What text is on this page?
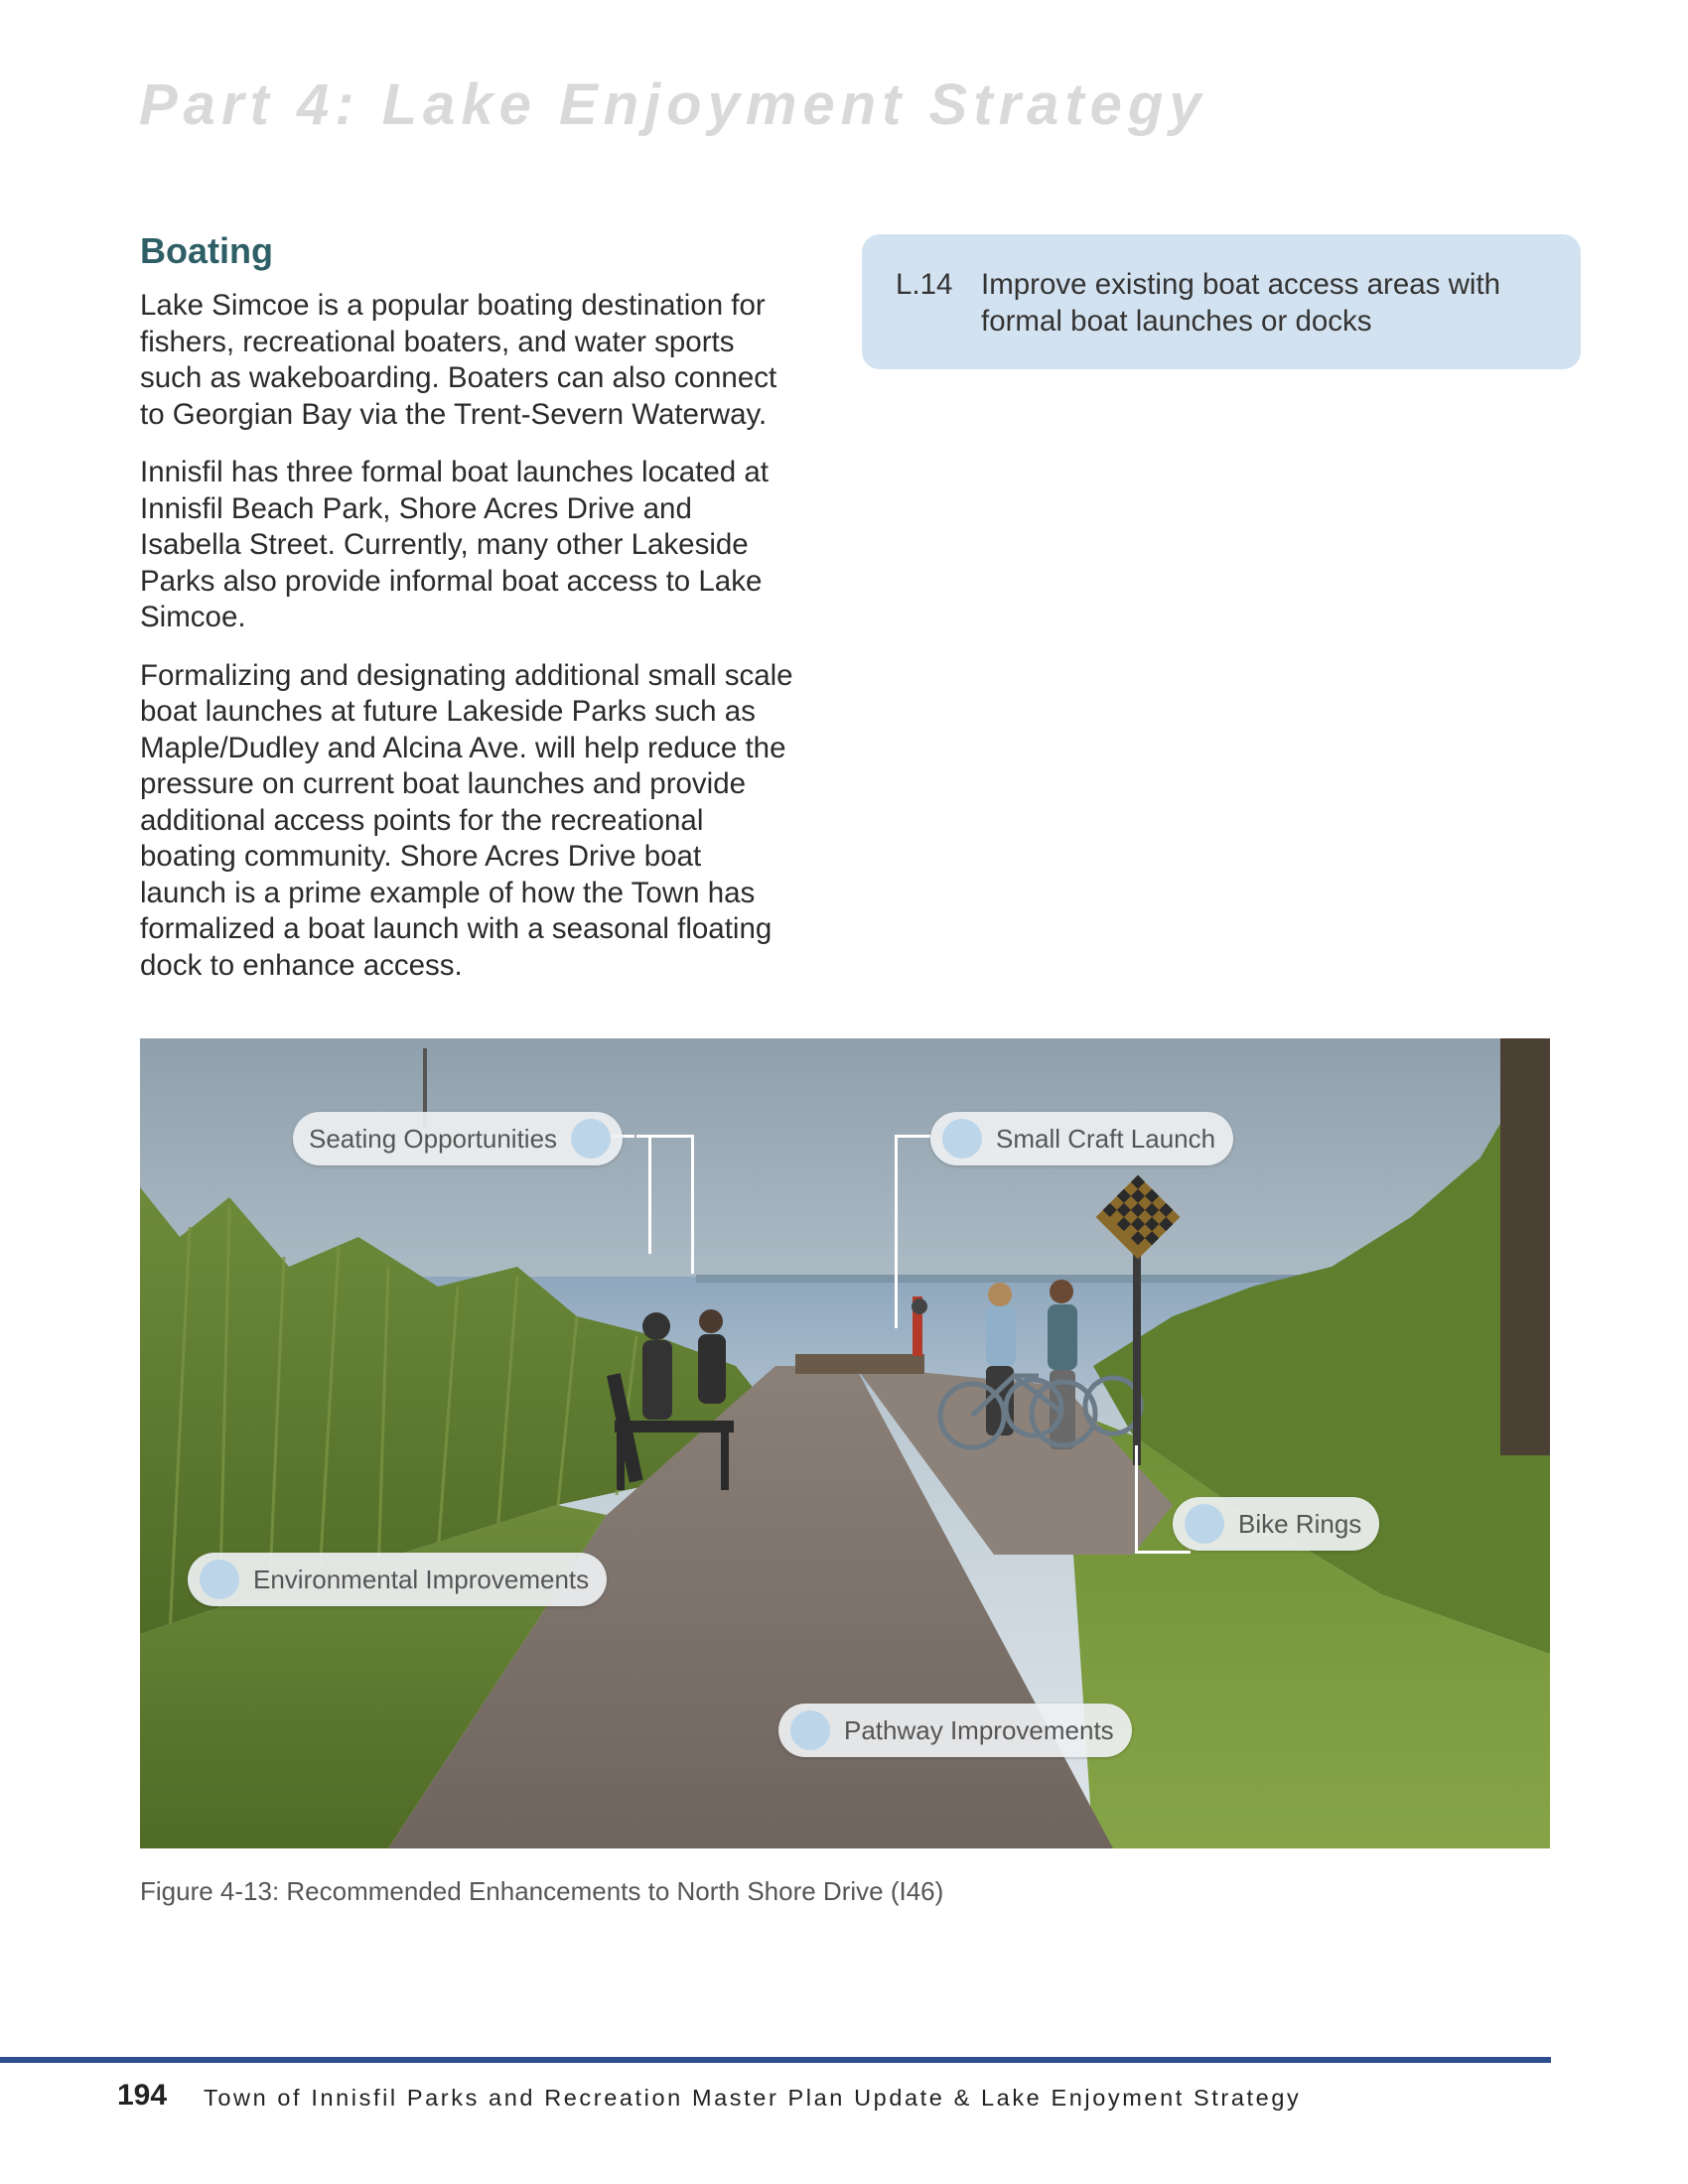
Part 4: Lake Enjoyment Strategy
Boating

Lake Simcoe is a popular boating destination for fishers, recreational boaters, and water sports such as wakeboarding. Boaters can also connect to Georgian Bay via the Trent-Severn Waterway.

Innisfil has three formal boat launches located at Innisfil Beach Park, Shore Acres Drive and Isabella Street. Currently, many other Lakeside Parks also provide informal boat access to Lake Simcoe.

Formalizing and designating additional small scale boat launches at future Lakeside Parks such as Maple/Dudley and Alcina Ave. will help reduce the pressure on current boat launches and provide additional access points for the recreational boating community. Shore Acres Drive boat launch is a prime example of how the Town has formalized a boat launch with a seasonal floating dock to enhance access.

L.14 Improve existing boat access areas with formal boat launches or docks
Seating Opportunities	Small Craft Launch
Bike Rings
Environmental Improvements
Pathway Improvements
Figure 4-13: Recommended Enhancements to North Shore Drive (I46)
194 Town of Innisfil Parks and Recreation Master Plan Update & Lake Enjoyment Strategy
